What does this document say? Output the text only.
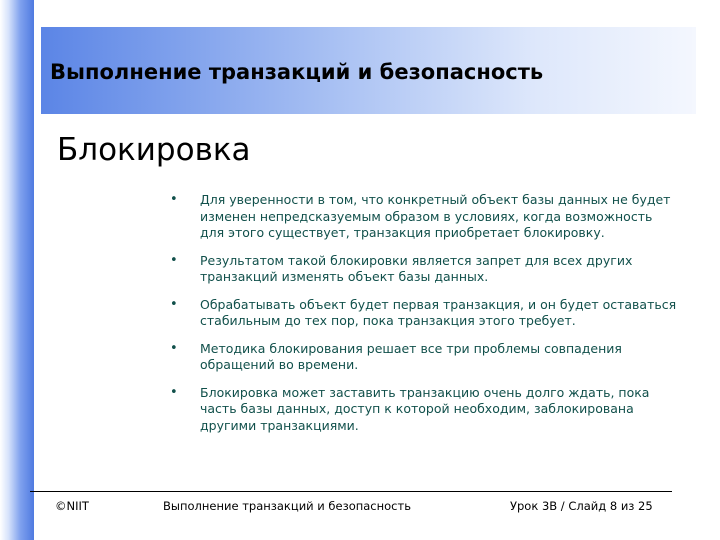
Выполнение транзакций и безопасность
Блокировка
• Для уверенности в том, что конкретный объект базы данных не будет изменен непредсказуемым образом в условиях, когда возможность для этого существует, транзакция приобретает блокировку.
• Результатом такой блокировки является запрет для всех других транзакций изменять объект базы данных.
• Обрабатывать объект будет первая транзакция, и он будет оставаться стабильным до тех пор, пока транзакция этого требует.
• Методика блокирования решает все три проблемы совпадения обращений во времени.
• Блокировка может заставить транзакцию очень долго ждать, пока часть базы данных, доступ к которой необходим, заблокирована другими транзакциями.
©NIIT	Выполнение транзакций и безопасность	Урок 3B / Слайд 8 из 25
